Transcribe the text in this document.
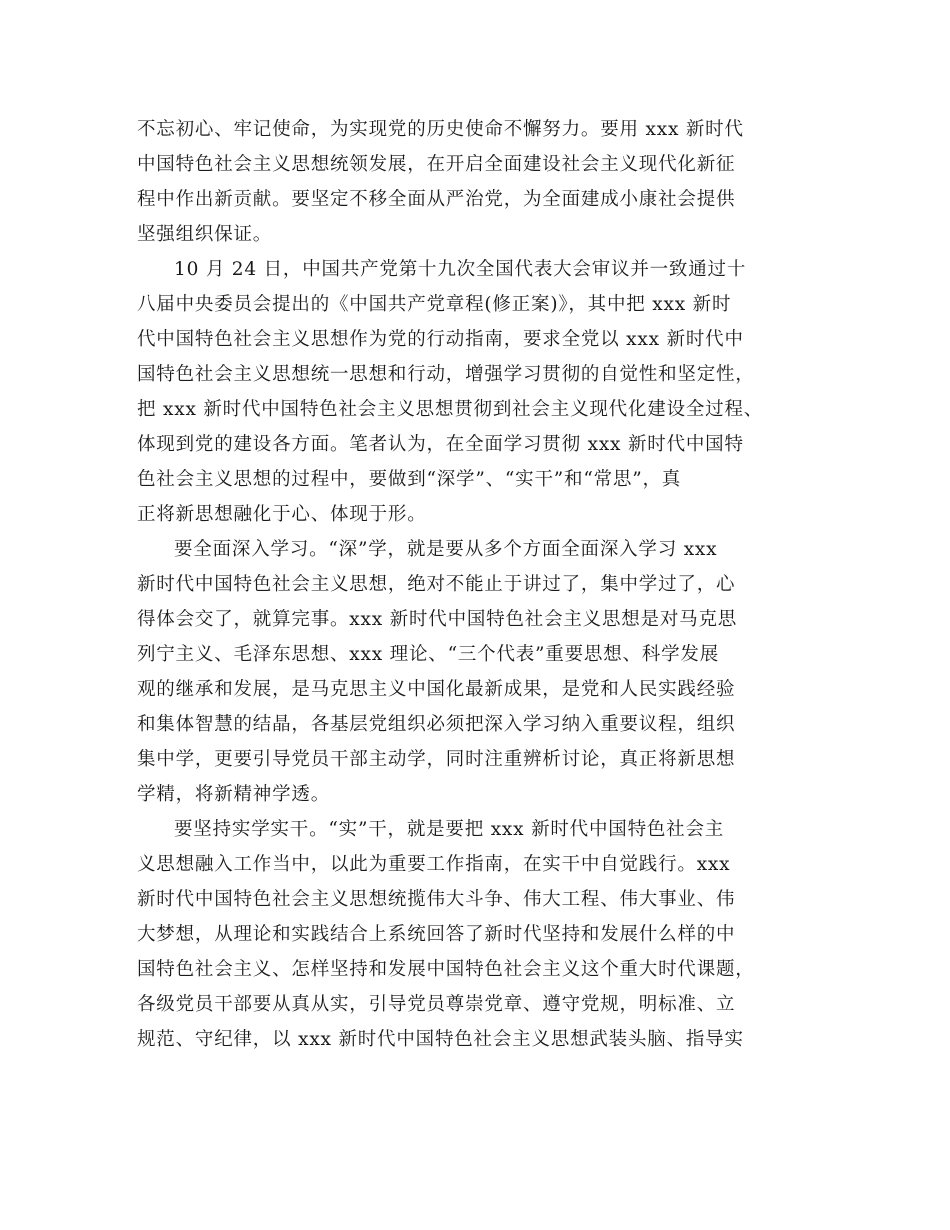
不忘初心、牢记使命，为实现党的历史使命不懈努力。要用 xxx 新时代
中国特色社会主义思想统领发展，在开启全面建设社会主义现代化新征
程中作出新贡献。要坚定不移全面从严治党，为全面建成小康社会提供
坚强组织保证。

10 月 24 日，中国共产党第十九次全国代表大会审议并一致通过十
八届中央委员会提出的《中国共产党章程(修正案)》，其中把 xxx 新时
代中国特色社会主义思想作为党的行动指南，要求全党以 xxx 新时代中
国特色社会主义思想统一思想和行动，增强学习贯彻的自觉性和坚定性，
把 xxx 新时代中国特色社会主义思想贯彻到社会主义现代化建设全过程、
体现到党的建设各方面。笔者认为，在全面学习贯彻 xxx 新时代中国特
色社会主义思想的过程中，要做到“深学”、“实干”和“常思”，真
正将新思想融化于心、体现于形。

要全面深入学习。“深”学，就是要从多个方面全面深入学习 xxx
新时代中国特色社会主义思想，绝对不能止于讲过了，集中学过了，心
得体会交了，就算完事。xxx 新时代中国特色社会主义思想是对马克思
列宁主义、毛泽东思想、xxx 理论、“三个代表”重要思想、科学发展
观的继承和发展，是马克思主义中国化最新成果，是党和人民实践经验
和集体智慧的结晶，各基层党组织必须把深入学习纳入重要议程，组织
集中学，更要引导党员干部主动学，同时注重辨析讨论，真正将新思想
学精，将新精神学透。

要坚持实学实干。“实”干，就是要把 xxx 新时代中国特色社会主
义思想融入工作当中，以此为重要工作指南，在实干中自觉践行。xxx
新时代中国特色社会主义思想统揽伟大斗争、伟大工程、伟大事业、伟
大梦想，从理论和实践结合上系统回答了新时代坚持和发展什么样的中
国特色社会主义、怎样坚持和发展中国特色社会主义这个重大时代课题，
各级党员干部要从真从实，引导党员尊崇党章、遵守党规，明标准、立
规范、守纪律，以 xxx 新时代中国特色社会主义思想武装头脑、指导实
